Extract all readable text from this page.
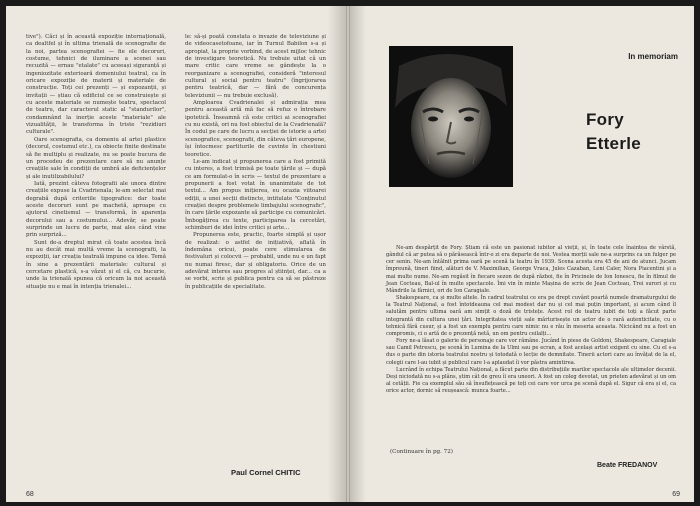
tive"). Căci și în această expoziție internațională, ca dealtfel și în ultima trienală de scenografie de la noi, partea scenografiei — fie ele decoruri, costume, tehnici de iluminare a scenei sau recuzită — ernau "etalate" cu aceeași siguranță și ingeniozitate exterioară domeniului teatral, ca în oricare expoziție de materii și materiale de construcție. Toți cei prezenți — și expozanții, și invitații — știau că edificiul ce se construiește și cu aceste materiale se numește teatru, spectacol de teatru, dar caracterul static al "standurilor", condamnând la inerție aceste "materiale" ale vizualității, le transforma în triste "rezidiuri culturale".

Oare scenografia, ca domeniu al artei plastice (decorul, costumul etc.), ca obiecte finite destinate să fie multiplu și realizate, nu se poate bucura de un procedeu de prezentare care să nu anunțe creațiile sale în condiții de umbră ale deficiențelor și ale inutilizabilului?

Iată, prezint câteva fotografii ale unora dintre creațiile expuse la Cvadrienala; le-am selectat mai degrabă după criteriile tipografice: dar toate aceste decoruri sunt pe machetă, aproape cu ajutorul cinetismul — transformă, în aparența decorului sau a costumului... Adevăr, se poate surprinde un lucru de parte, mai ales când vine prin surpriză...

Sunt de-a dreptul mirat că toate acestea încă nu au decât mai multă vreme la scenografii, la expoziții, iar creația teatrală impune ca idee. Temă în sine a prezentării materiale: cultural și cercetare plastică, s-a văzut și el că, cu bucurie, unde la trienală spunea că oricum la noi această situație nu e mai în intenția trienalei...

le: să-și poată constata o invazie de televiziune și de videocasetofoane, iar în Turnul Babilon s-a și apropiat, la proprie vorbind, de acest mijloc tehnic de investigare teoretică. Nu trebuie uitat că un mare critic care vreme se gândește la o reorganizare a scenografiei, consideră "interesul cultural și social pentru teatru" (îngrijorarea pentru teatrică, dar — fără de concurența televiziunii — nu trebuie exclusă).

Amploarea Cvadrienalei și admirația mea pentru această artă mă fac să refuz o întrebare ipotetică. Înseamnă că este critici ai scenografiei cu nu există, ori nu fost obiectul de la Cvadrienală? În codul pe care de lucru a secției de istorie a artei scenografice, scenografii, din câteva țări europene, își întocmesc partiturile de cuvinte în chestiuni teoretice.

Le-am indicat și propunerea care a fost primită cu interes, a fost trimisă pe toate țările și — după ce am formulat-o în scris — textul de prezentare a propunerii a fost votat în unanimitate de tot textul... Am propus inițierea, eu ocazia viitoarei ediții, a unei secții distincte, intitulate "Conținutul creației despre problemele limbajului scenografic", în care țările expozante să participe cu comunicări. Îmbogățirea cu texte, participarea la cercetări, schimburi de idei între critici și arte...

Propunerea este, practic, foarte simplă și ușor de realizat: o astfel de inițiativă, aflată în îndemâna oricui, poate cere stimularea de festivaluri și colocvii — probabil, unde nu e un fapt nu numai firesc, dar și obligatoriu. Orice de un adevărat interes sau progres al științei, dar... ca a se vorbi, scrie și publica pentru ca să se păstreze în publicațiile de specialitate.

Paul Cornel CHITIC
68
In memoriam
Fory
Etterle

Ne-am despărțit de Fory. Știam că este un pasionat iubitor al vieții, și, în toate cele înaintea de vârstă, gândul că ar putea să o părăsească într-o zi era departe de noi. Vestea morții sale ne-a surprins ca un fulger pe cer senin. Ne-am întâlnit prima oară pe scenă la teatru în 1939. Scena acesta era 45 de ani de atunci. Jucam împreună, tineri fiind, alături de V. Maximilian, George Vraca, Jules Cazaban, Leni Caler, Nora Piacentini și a mai multe nume. Ne-am regăsit în fiecare sezon de după război, fie în Pricinele de Ion Ionescu, fie în filmul de Jean Cocteau, Bal-ul în multe spectacole. Îmi vin în minte Mașina de scris de Jean Cocteau, Trei surori și cu Mândrile la fârnici, ori de Ion Caragiale.

Shakespeare, ca și multe altele. În cadrul teatrului ce era pe drept cuvânt poartă numele dramaturgului de la Teatrul Național, a fost întotdeauna cel mai modest dar nu și cel mai puțin important, și acum când îl salutăm pentru ultima oară am simțit o doză de tristețe. Acest rol de teatru iubit de toți a făcut parte integrantă din cultura unei țări. Integritatea vieții sale mărturisește un actor de o rară autenticitate, cu o tehnică fără cusur, și a fost un exemplu pentru care nimic nu e rău în meseria aceasta. Nicicând nu a fost un compromis, ci o artă de o prezență netă, un om pentru ceilalți...

Fory ne-a lăsat o galerie de personaje care vor rămâne. Jucând în piese de Goldoni, Shakespeare, Caragiale sau Camil Petrescu, pe scenă în Lumina de la Ulmi sau pe ecran, a fost același artist exigent cu sine. Cu el s-a dus o parte din istoria teatrului nostru și totodată o lecție de demnitate. Tinerii actori care au învățat de la el, colegii care l-au iubit și publicul care l-a aplaudat îi vor păstra amintirea.

Lucrând în echipa Teatrului Național, a făcut parte din distribuțiile marilor spectacole ale ultimelor decenii. Deși niciodată nu s-a plâns, știm cât de greu îi era uneori. A fost un coleg devotat, un prieten adevărat și un om al cetății. Fie ca exemplul său să însuflețească pe toți cei care vor urca pe scenă după el. Sigur că era și el, ca orice actor, dornic să reușească: munca foarte...

(Continuare în pg. 72)
Beate FREDANOV
69
